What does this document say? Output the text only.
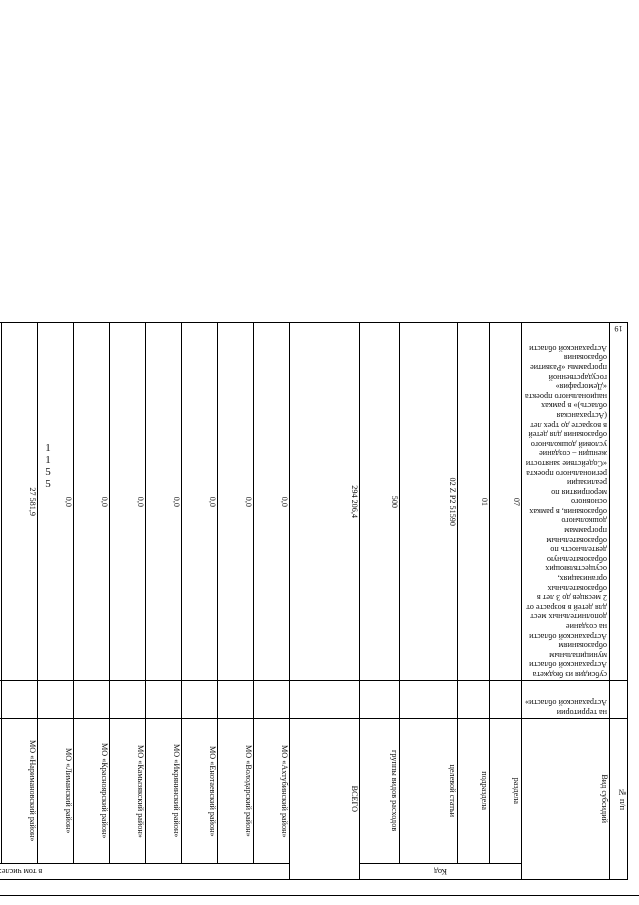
1
1
5
5
№ п/п	Вид субсидий	Код				ВСЕГО	в том числе:													

		раздела	подраздела	целевой статьи	группы видов расходов		МО «Ахтубинский район»	МО «Володарский район»	МО «Енотаевский район»	МО «Икрянинский район»	МО «Камызякский район»	МО «Красноярский район»	МО «Лиманский район»	МО «Наримановский район»

	на территории Астраханской области»																			
19	субсидия из бюджета Астраханской области муниципальным образованиям Астраханской области на создание дополнительных мест для детей в возрасте от 2 месяцев до 3 лет в образовательных организациях, осуществляющих образовательную деятельность по образовательным программам дошкольного образования, в рамках основного мероприятия по реализации регионального проекта «Содействие занятости женщин – создание условий дошкольного образования для детей в возрасте до трех лет (Астраханская область)» в рамках национального проекта «Демография» государственной программы «Развитие образования Астраханской области	07	01	02 Z P2 51590	500	294 206,4	0,0	0,0	0,0	0,0	0,0	0,0	0,0	27 581,9
